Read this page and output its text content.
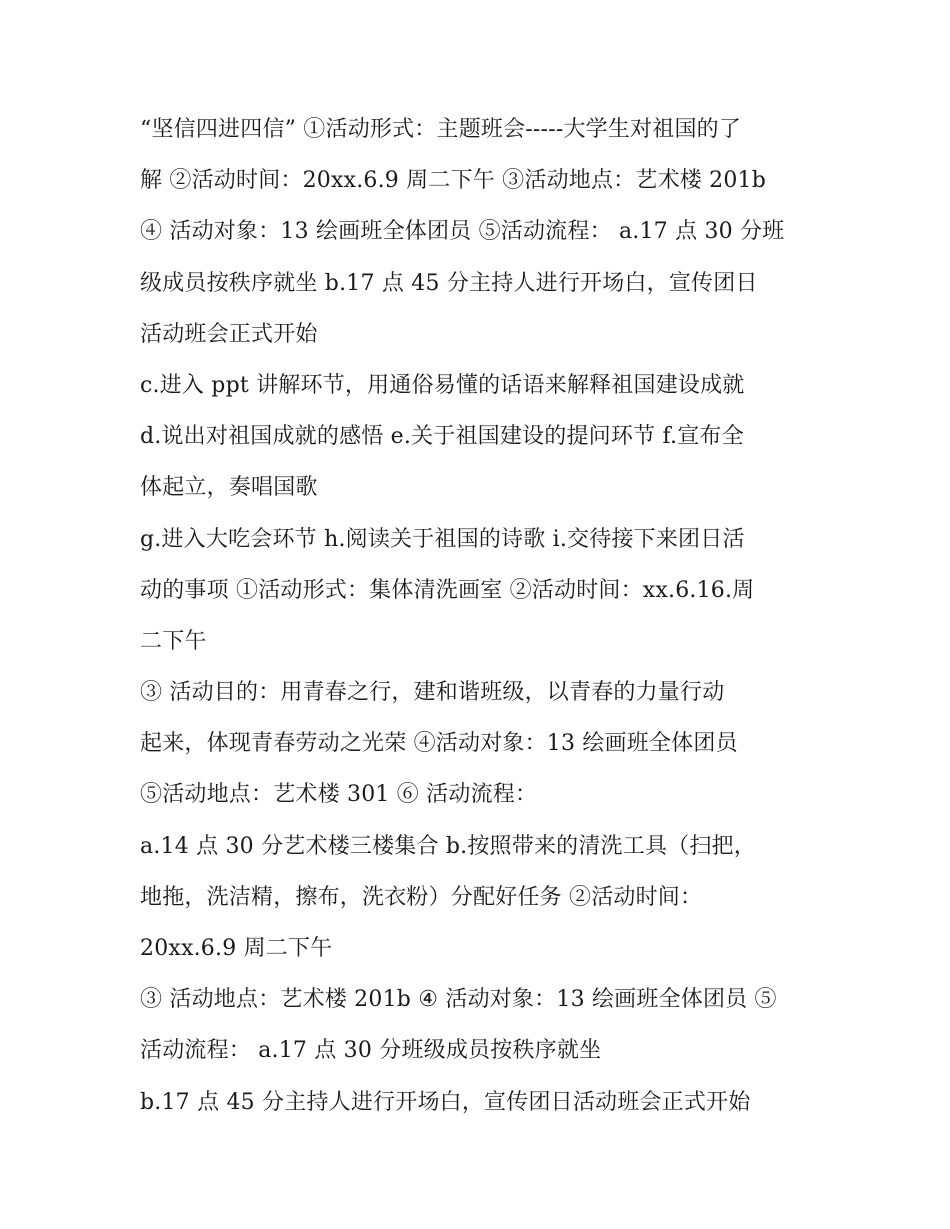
“坚信四进四信” ①活动形式：主题班会-----大学生对祖国的了
解 ②活动时间：20xx.6.9 周二下午 ③活动地点：艺术楼 201b
④ 活动对象：13 绘画班全体团员 ⑤活动流程： a.17 点 30 分班
级成员按秩序就坐 b.17 点 45 分主持人进行开场白，宣传团日
活动班会正式开始
c.进入 ppt 讲解环节，用通俗易懂的话语来解释祖国建设成就
d.说出对祖国成就的感悟 e.关于祖国建设的提问环节 f.宣布全
体起立，奏唱国歌
g.进入大吃会环节 h.阅读关于祖国的诗歌 i.交待接下来团日活
动的事项 ①活动形式：集体清洗画室 ②活动时间：xx.6.16.周
二下午
③ 活动目的：用青春之行，建和谐班级，以青春的力量行动
起来，体现青春劳动之光荣 ④活动对象：13 绘画班全体团员
⑤活动地点：艺术楼 301 ⑥ 活动流程：
a.14 点 30 分艺术楼三楼集合 b.按照带来的清洗工具（扫把，
地拖，洗洁精，擦布，洗衣粉）分配好任务 ②活动时间：
20xx.6.9 周二下午
③ 活动地点：艺术楼 201b ④ 活动对象：13 绘画班全体团员 ⑤
活动流程： a.17 点 30 分班级成员按秩序就坐
b.17 点 45 分主持人进行开场白，宣传团日活动班会正式开始
